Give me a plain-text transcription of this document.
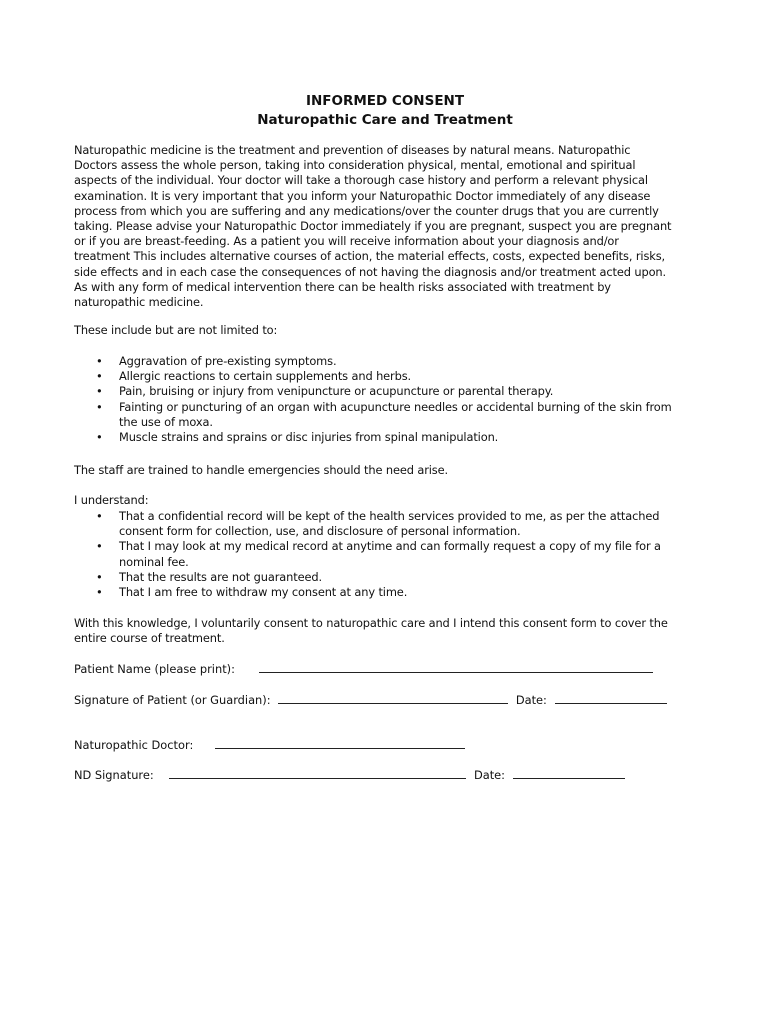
INFORMED CONSENT
Naturopathic Care and Treatment
Naturopathic medicine is the treatment and prevention of diseases by natural means. Naturopathic Doctors assess the whole person, taking into consideration physical, mental, emotional and spiritual aspects of the individual. Your doctor will take a thorough case history and perform a relevant physical examination. It is very important that you inform your Naturopathic Doctor immediately of any disease process from which you are suffering and any medications/over the counter drugs that you are currently taking. Please advise your Naturopathic Doctor immediately if you are pregnant, suspect you are pregnant or if you are breast-feeding. As a patient you will receive information about your diagnosis and/or treatment This includes alternative courses of action, the material effects, costs, expected benefits, risks, side effects and in each case the consequences of not having the diagnosis and/or treatment acted upon. As with any form of medical intervention there can be health risks associated with treatment by naturopathic medicine.
These include but are not limited to:
• Aggravation of pre-existing symptoms.
• Allergic reactions to certain supplements and herbs.
• Pain, bruising or injury from venipuncture or acupuncture or parental therapy.
• Fainting or puncturing of an organ with acupuncture needles or accidental burning of the skin from the use of moxa.
• Muscle strains and sprains or disc injuries from spinal manipulation.
The staff are trained to handle emergencies should the need arise.
I understand:
• That a confidential record will be kept of the health services provided to me, as per the attached consent form for collection, use, and disclosure of personal information.
• That I may look at my medical record at anytime and can formally request a copy of my file for a nominal fee.
• That the results are not guaranteed.
• That I am free to withdraw my consent at any time.
With this knowledge, I voluntarily consent to naturopathic care and I intend this consent form to cover the entire course of treatment.
Patient Name (please print):
Signature of Patient (or Guardian):	Date:
Naturopathic Doctor:
ND Signature:	Date:
